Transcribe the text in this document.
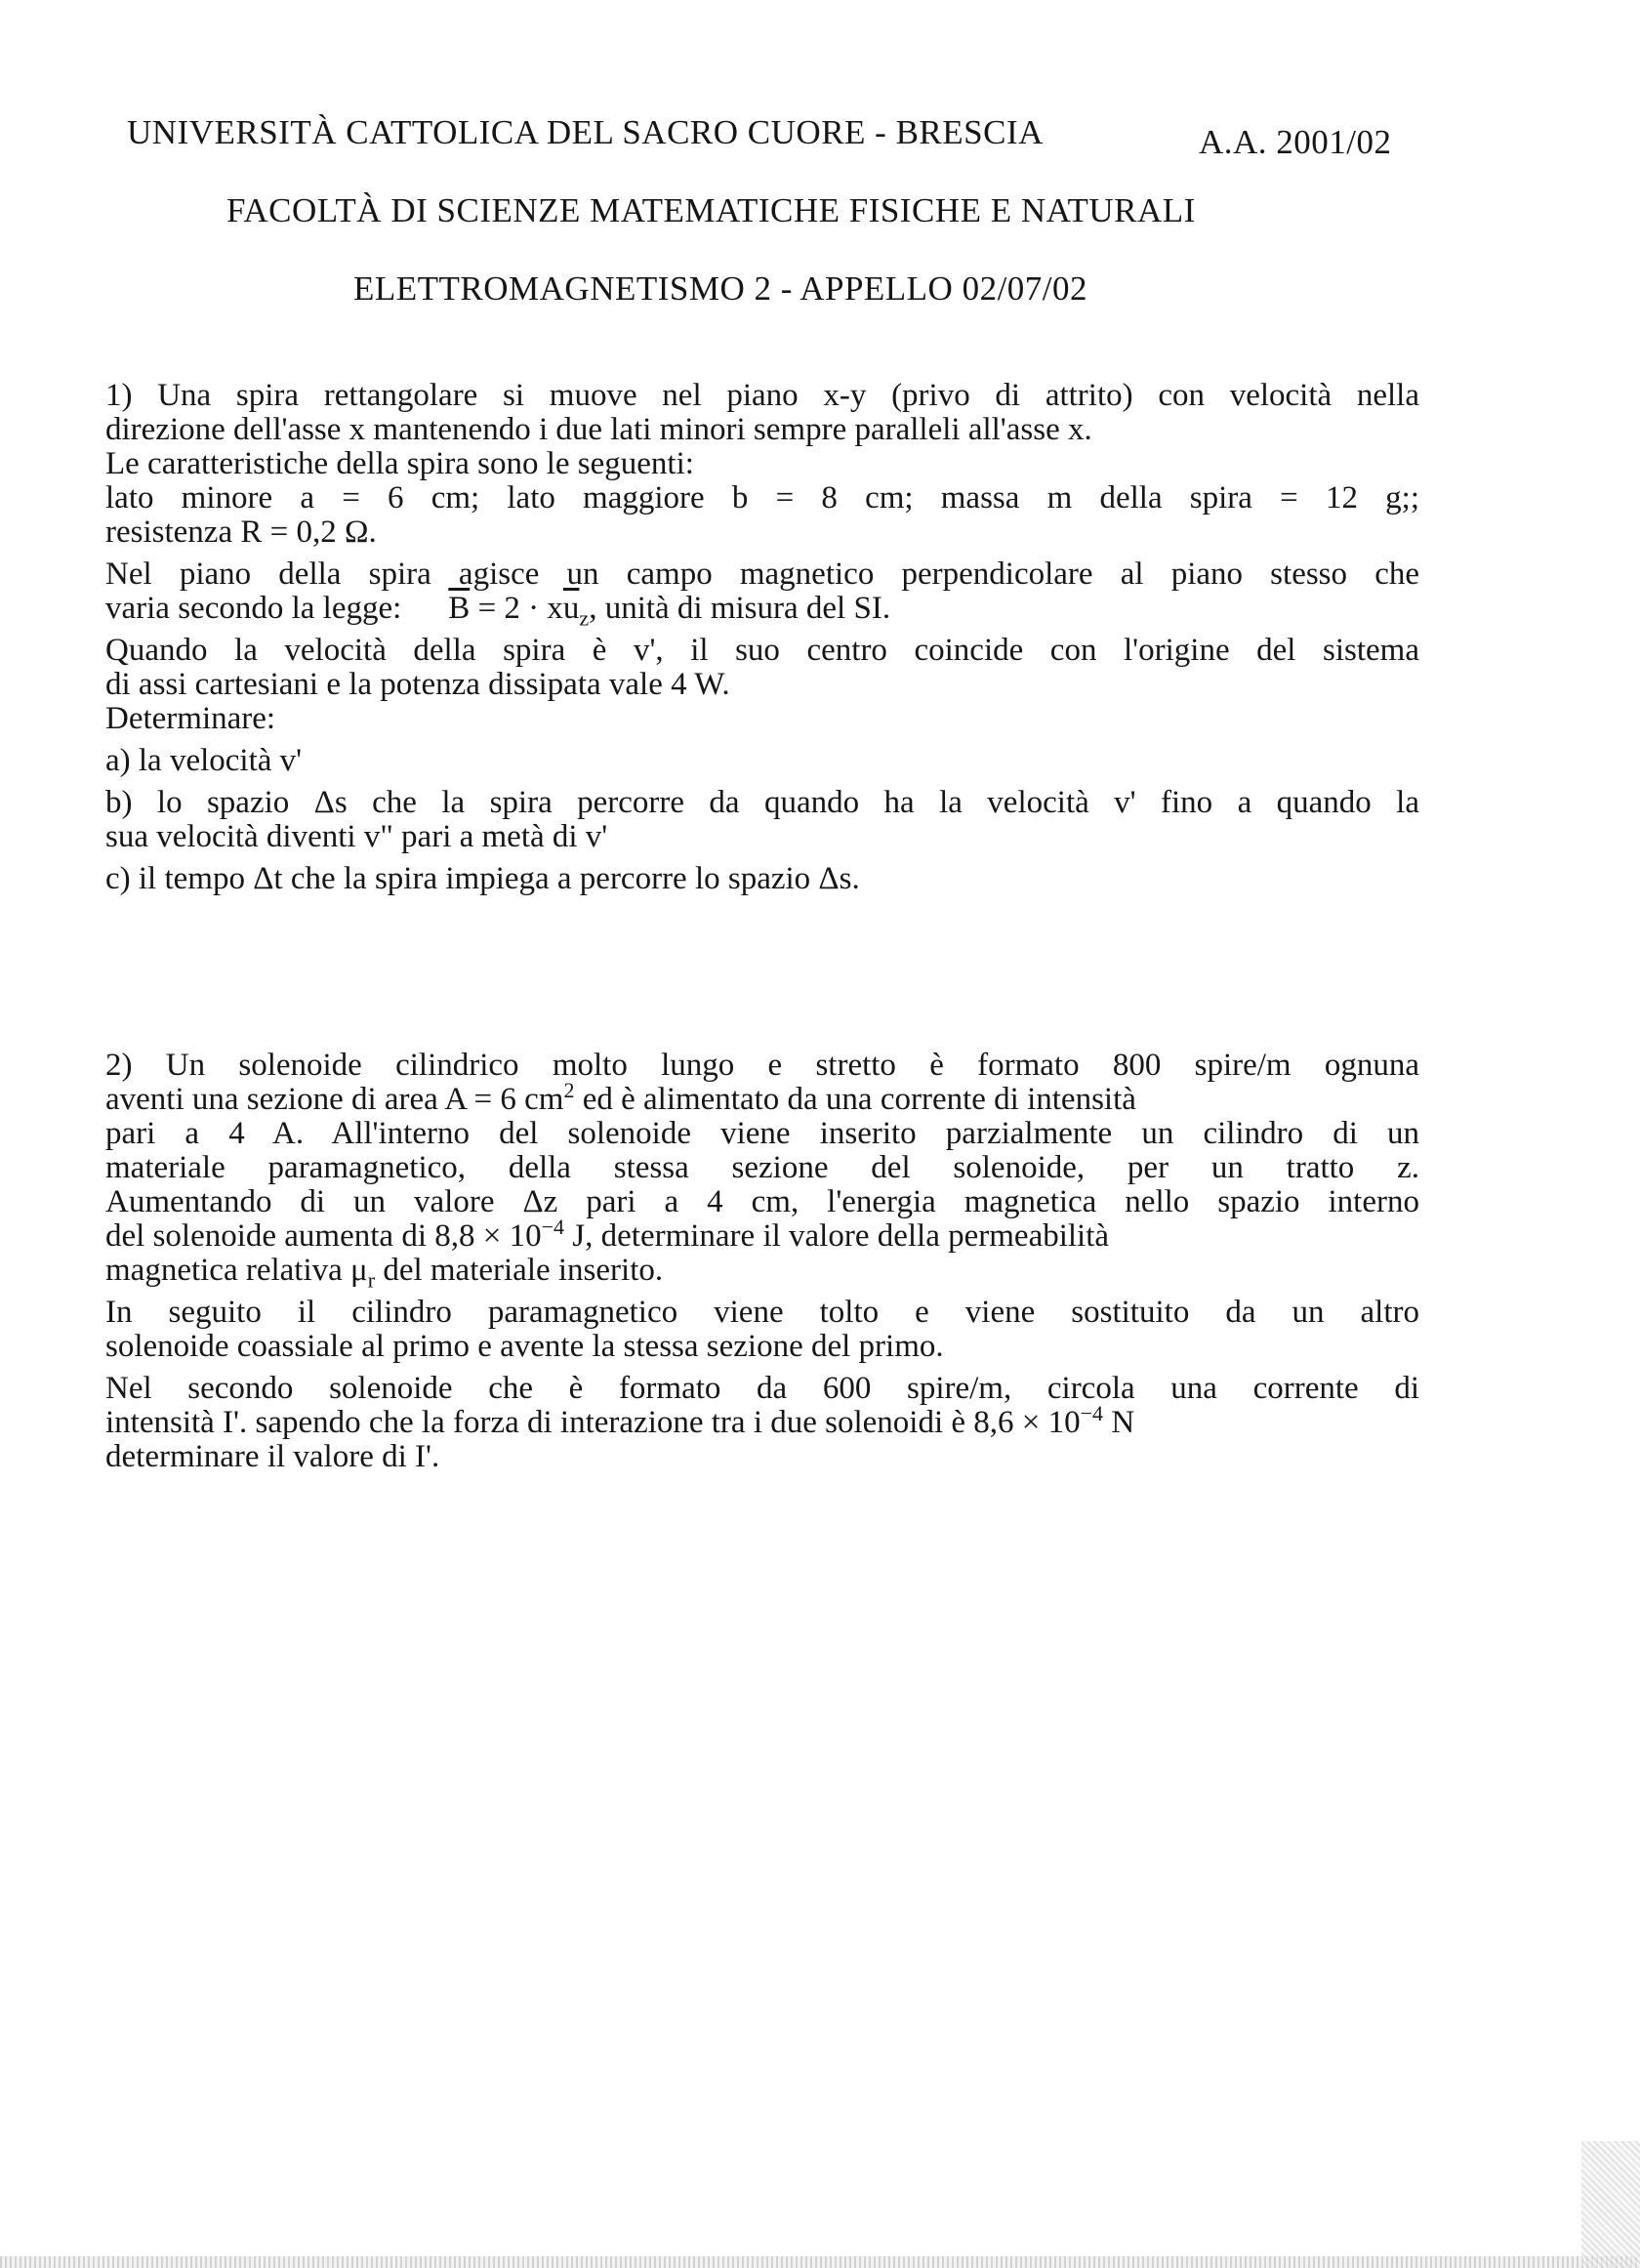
UNIVERSITÀ CATTOLICA DEL SACRO CUORE - BRESCIA	A.A. 2001/02
FACOLTÀ DI SCIENZE MATEMATICHE FISICHE E NATURALI
ELETTROMAGNETISMO 2 - APPELLO 02/07/02
1) Una spira rettangolare si muove nel piano x-y (privo di attrito) con velocità nella
direzione dell'asse x mantenendo i due lati minori sempre paralleli all'asse x.
Le caratteristiche della spira sono le seguenti:
lato minore a = 6 cm; lato maggiore b = 8 cm; massa m della spira = 12 g;;
resistenza R = 0,2 Ω.
Nel piano della spira agisce un campo magnetico perpendicolare al piano stesso che
varia secondo la legge: $\overline{B} = 2 \cdot x\overline{u}_z$, unità di misura del SI.
Quando la velocità della spira è v', il suo centro coincide con l'origine del sistema
di assi cartesiani e la potenza dissipata vale 4 W.
Determinare:
a) la velocità v'
b) lo spazio Δs che la spira percorre da quando ha la velocità v' fino a quando la
sua velocità diventi v" pari a metà di v'
c) il tempo Δt che la spira impiega a percorre lo spazio Δs.
2) Un solenoide cilindrico molto lungo e stretto è formato 800 spire/m ognuna
aventi una sezione di area A = 6 $cm^2$ ed è alimentato da una corrente di intensità
pari a 4 A. All'interno del solenoide viene inserito parzialmente un cilindro di un
materiale paramagnetico, della stessa sezione del solenoide, per un tratto z.
Aumentando di un valore Δz pari a 4 cm, l'energia magnetica nello spazio interno
del solenoide aumenta di $8,8 \times 10^{-4}$ J, determinare il valore della permeabilità
magnetica relativa $\mu_r$ del materiale inserito.
In seguito il cilindro paramagnetico viene tolto e viene sostituito da un altro
solenoide coassiale al primo e avente la stessa sezione del primo.
Nel secondo solenoide che è formato da 600 spire/m, circola una corrente di
intensità I'. sapendo che la forza di interazione tra i due solenoidi è $8,6 \times 10^{-4}$ N
determinare il valore di I'.
